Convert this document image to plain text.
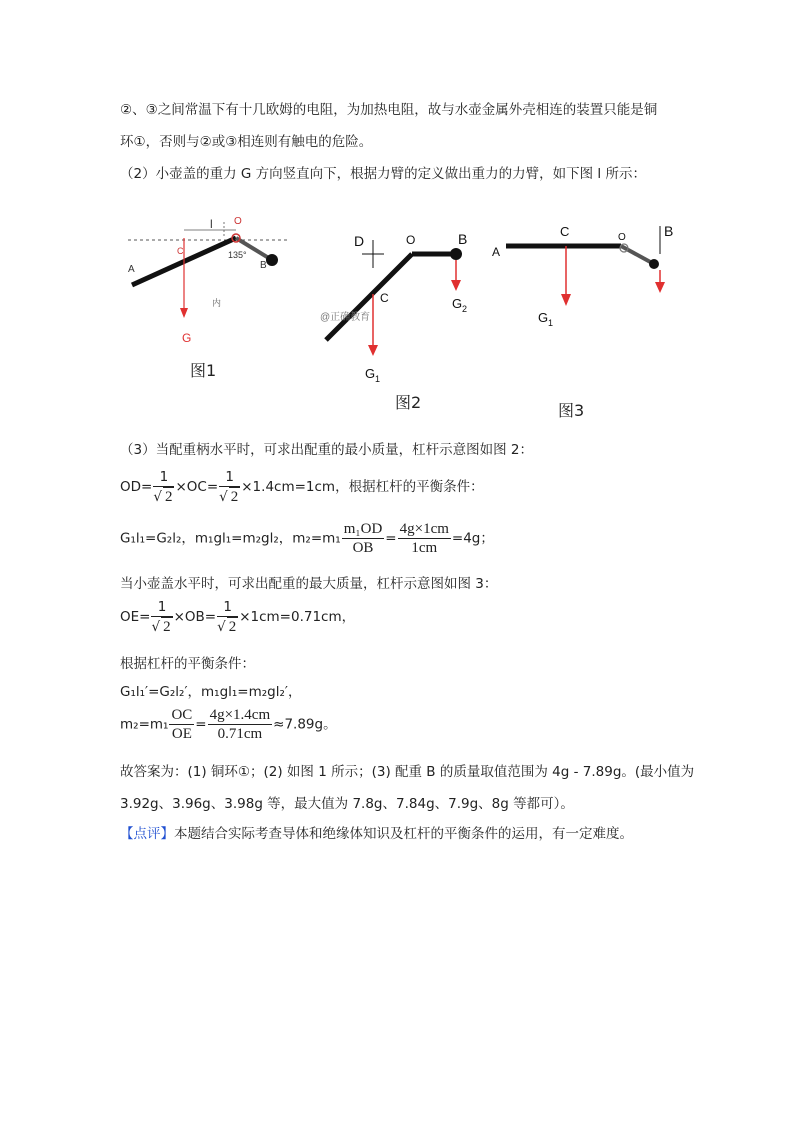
②、③之间常温下有十几欧姆的电阻，为加热电阻，故与水壶金属外壳相连的装置只能是铜
环①，否则与②或③相连则有触电的危险。
（2）小壶盖的重力 G 方向竖直向下，根据力臂的定义做出重力的力臂，如下图 l 所示：
l O
135°
A	B
C
内
G
图1
D	O	B
C
@正确教育
G 1
G 2
图2
A
C	O	B
G 1
图3
（3）当配重柄水平时，可求出配重的最小质量，杠杆示意图如图 2：
$OD= \frac{1}{√ 2} \times OC= \frac{1}{√ 2} \times 1.4cm=1cm$，根据杠杆的平衡条件：
G₁l₁=G₂l₂，m₁gl₁=m₂gl₂，$m_2=m_1 \frac{\text{m₁OD}}{OB} = \frac{4g\times 1cm}{1cm} =4g$；
当小壶盖水平时，可求出配重的最大质量，杠杆示意图如图 3：
$OE= \frac{1}{√ 2} \times OB= \frac{1}{√ 2} \times 1cm=0.71cm$，
根据杠杆的平衡条件：
G₁l₁′=G₂l₂′，m₁gl₁=m₂gl₂′，
$m_2=m_1 \frac{OC}{OE} = \frac{4g\times 1.4cm}{0.71cm} \approx 7.89g$。
故答案为：(1) 铜环①；(2) 如图 1 所示；(3) 配重 B 的质量取值范围为 4g - 7.89g。(最小值为
3.92g、3.96g、3.98g 等，最大值为 7.8g、7.84g、7.9g、8g 等都可）。
【点评】本题结合实际考查导体和绝缘体知识及杠杆的平衡条件的运用，有一定难度。
